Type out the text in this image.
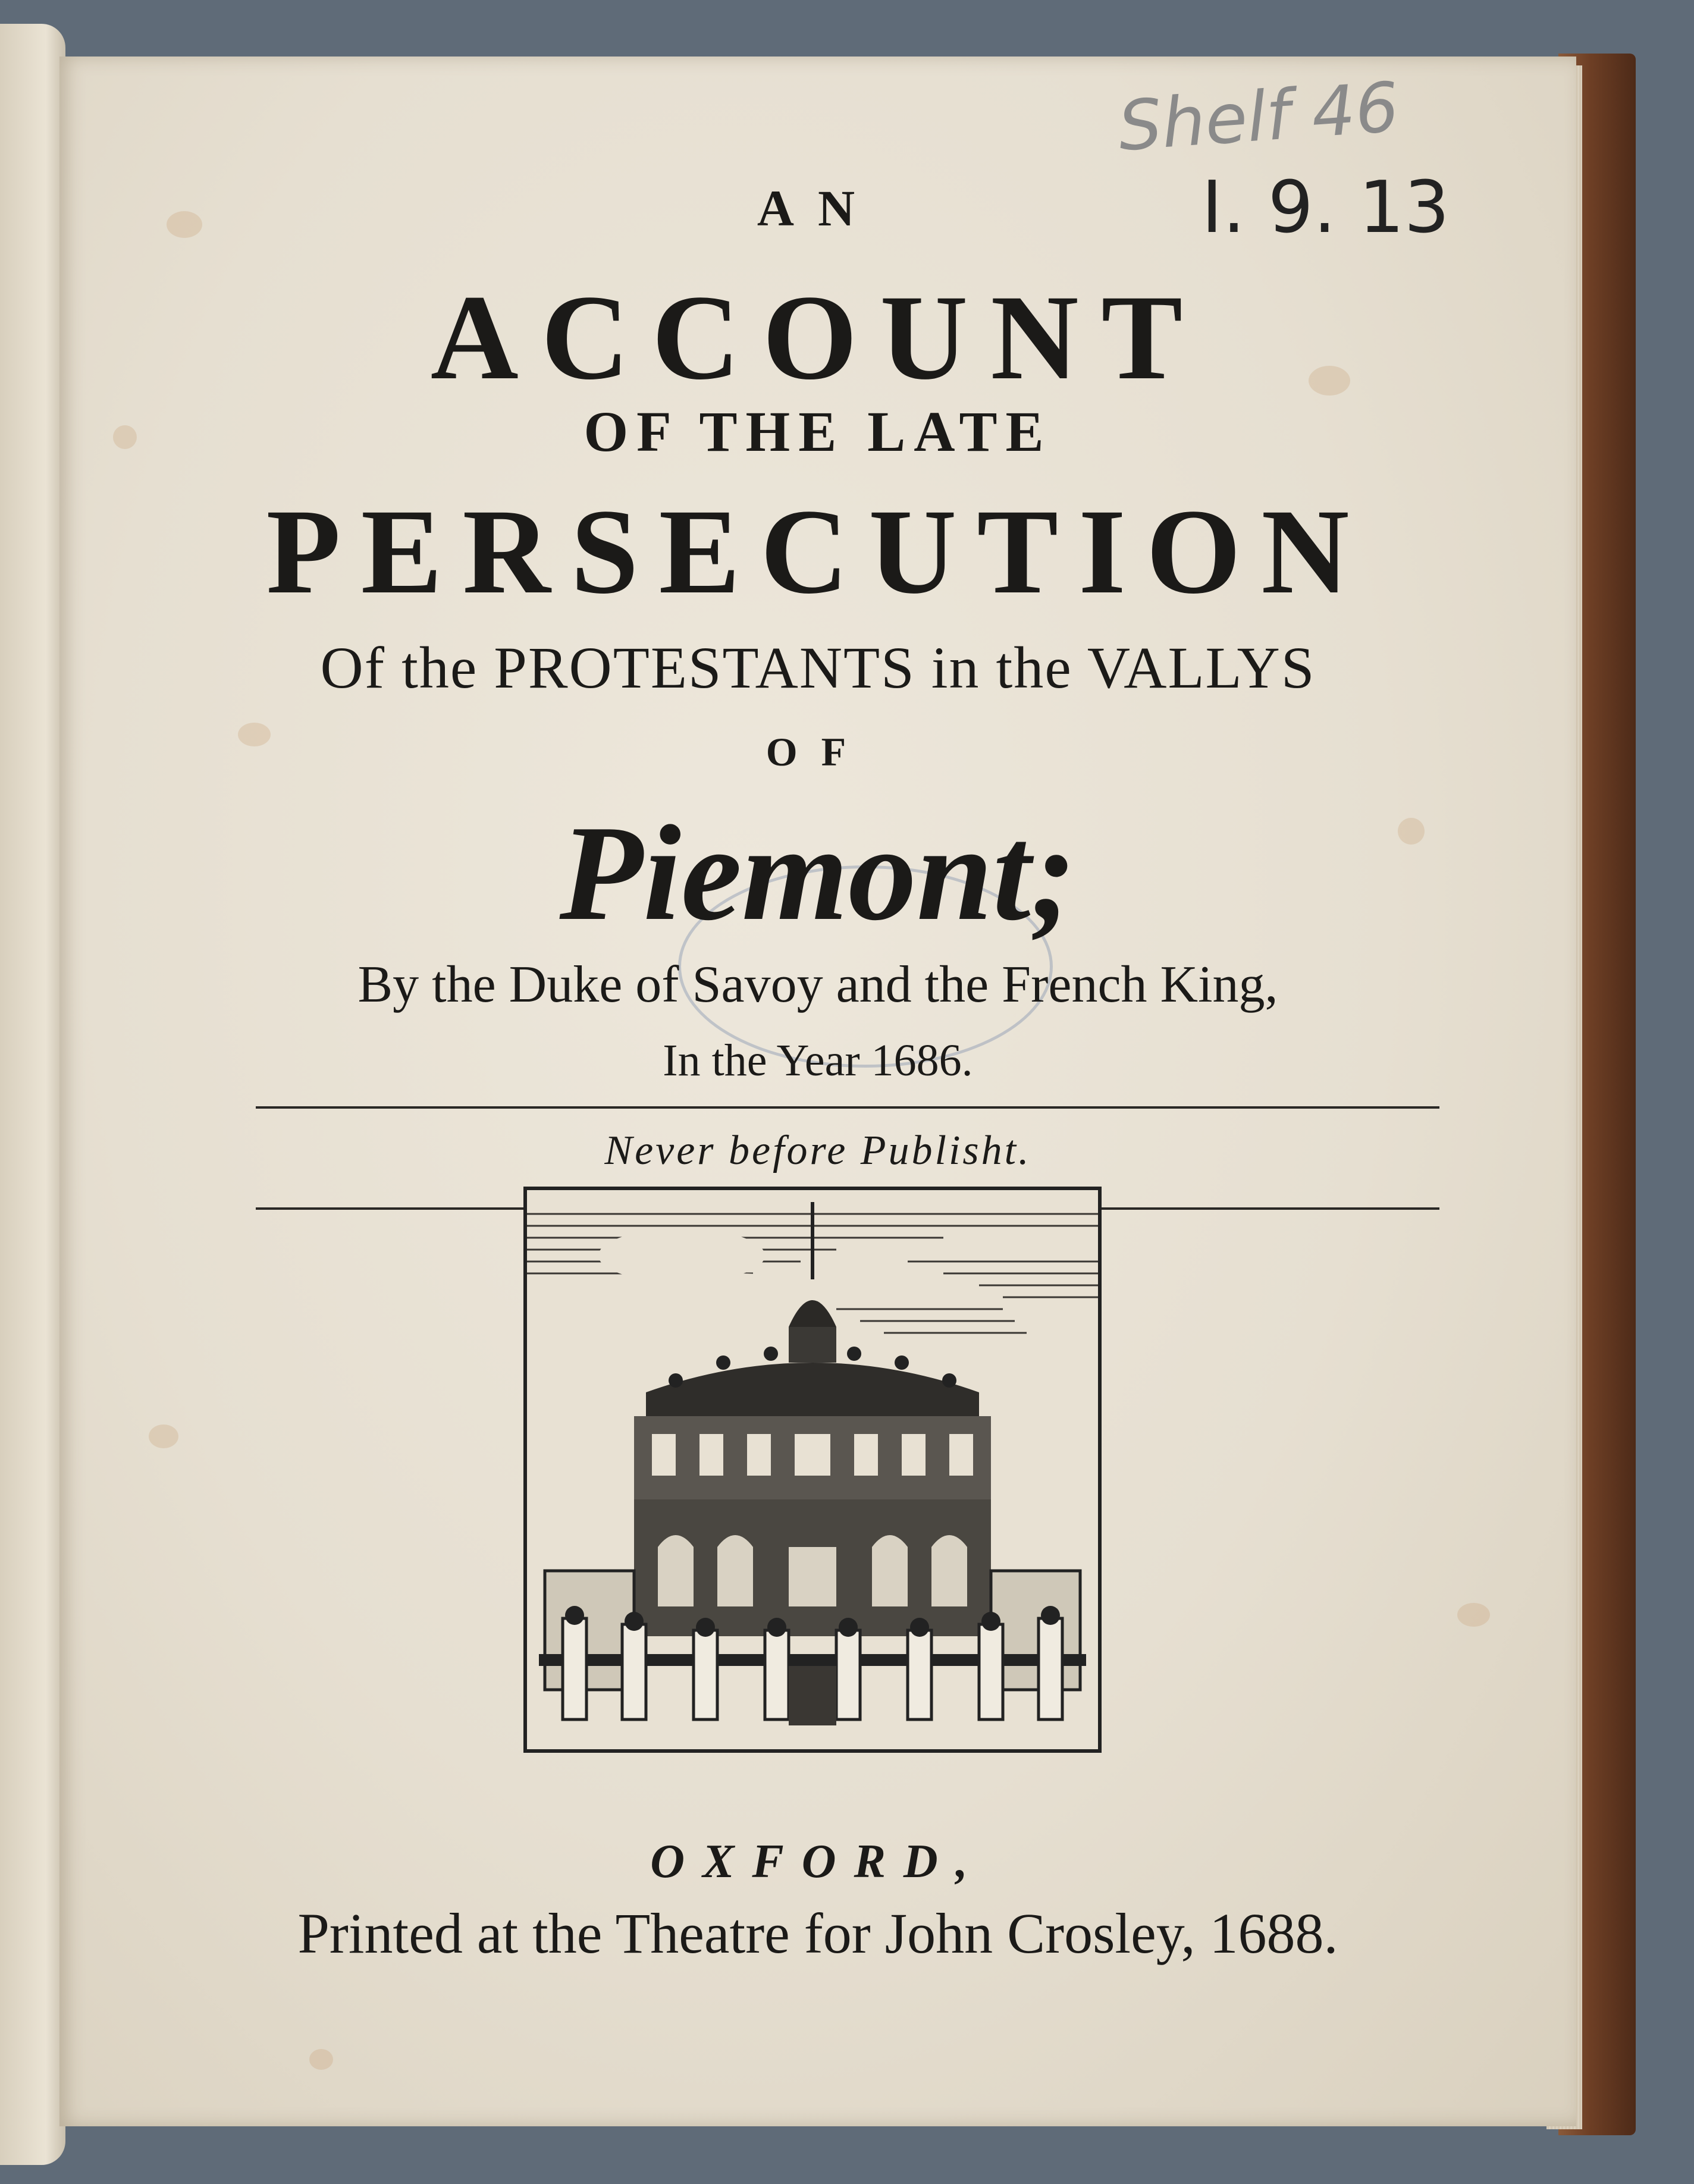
Shelf 46
I. 9. 13
AN
ACCOUNT
OF THE LATE
PERSECUTION
Of the PROTESTANTS in the VALLYS
OF
Piemont;
By the Duke of Savoy and the French King,
In the Year 1686.
Never before Publisht.
OXFORD,
Printed at the Theatre for John Crosley, 1688.
